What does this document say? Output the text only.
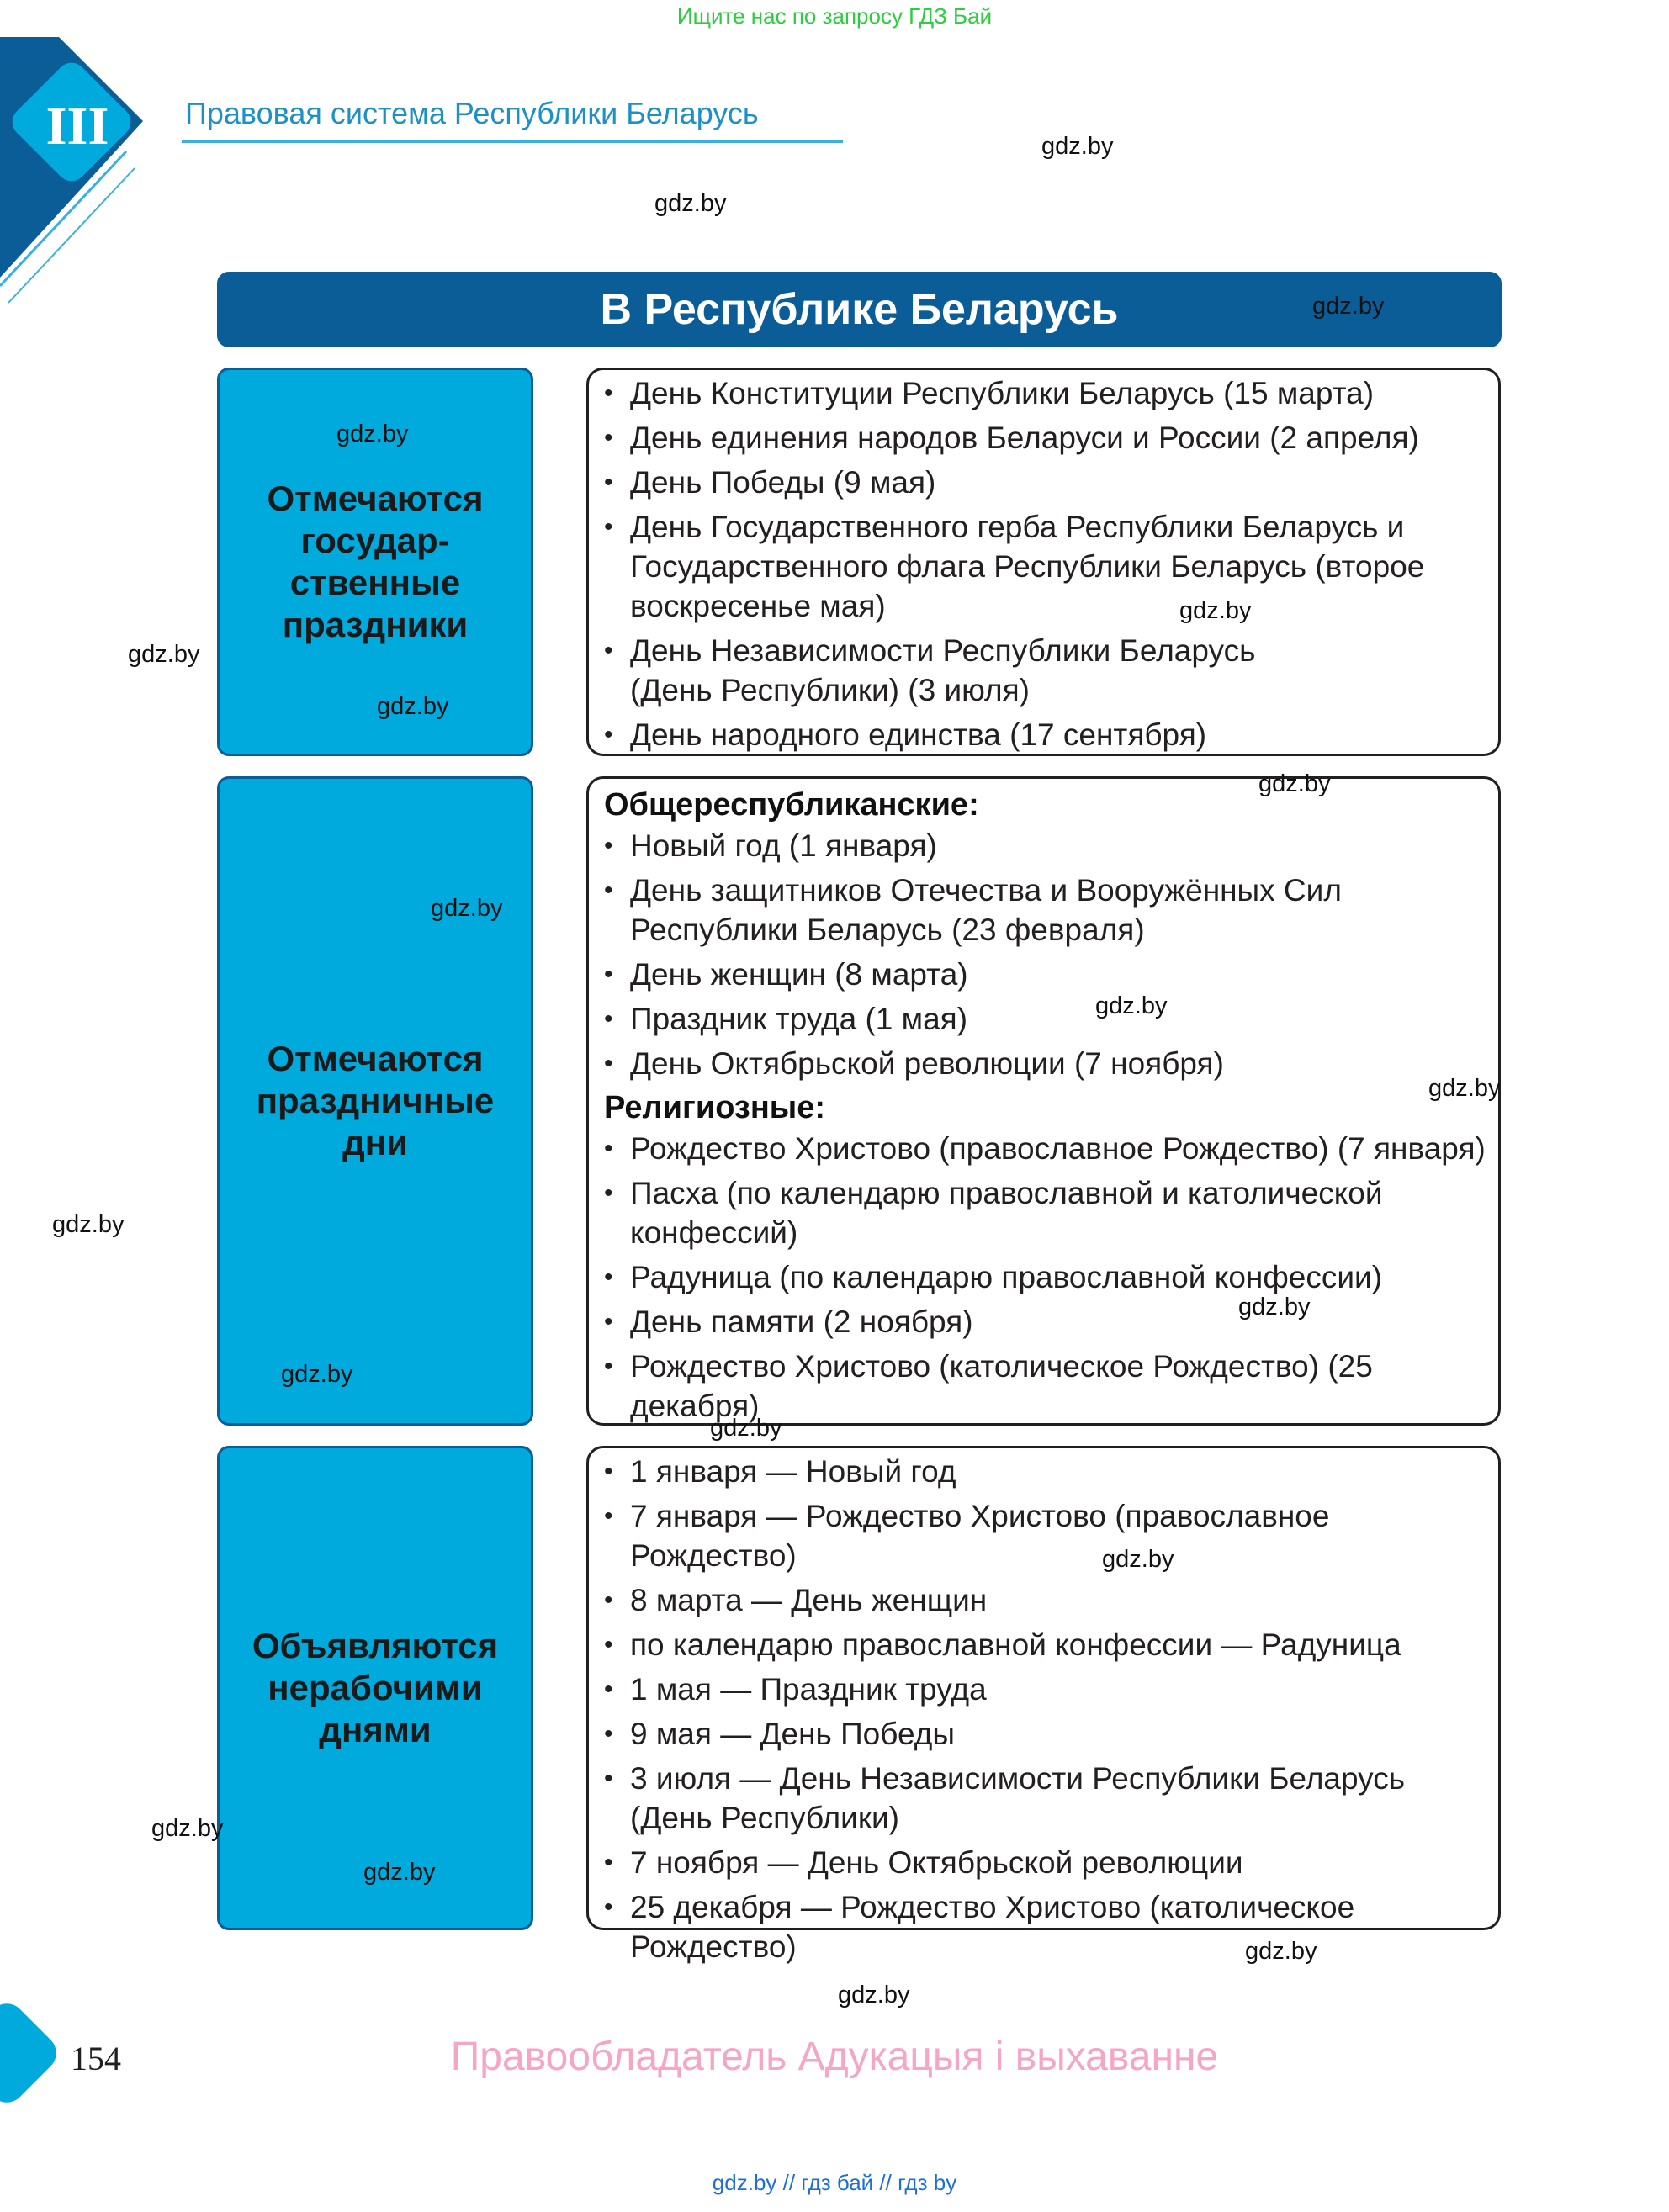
Ищите нас по запросу ГДЗ Бай
III	Правовая система Республики Беларусь
В Республике Беларусь
Отмечаются государ-ственные праздники
• День Конституции Республики Беларусь (15 марта)
• День единения народов Беларуси и России (2 апреля)
• День Победы (9 мая)
• День Государственного герба Республики Беларусь и Государственного флага Республики Беларусь (второе воскресенье мая)
• День Независимости Республики Беларусь (День Республики) (3 июля)
• День народного единства (17 сентября)
Отмечаются праздничные дни
Общереспубликанские:
• Новый год (1 января)
• День защитников Отечества и Вооружённых Сил Республики Беларусь (23 февраля)
• День женщин (8 марта)
• Праздник труда (1 мая)
• День Октябрьской революции (7 ноября)
Религиозные:
• Рождество Христово (православное Рождество) (7 января)
• Пасха (по календарю православной и католической конфессий)
• Радуница (по календарю православной конфессии)
• День памяти (2 ноября)
• Рождество Христово (католическое Рождество) (25 декабря)
Объявляются нерабочими днями
• 1 января — Новый год
• 7 января — Рождество Христово (православное Рождество)
• 8 марта — День женщин
• по календарю православной конфессии — Радуница
• 1 мая — Праздник труда
• 9 мая — День Победы
• 3 июля — День Независимости Республики Беларусь (День Республики)
• 7 ноября — День Октябрьской революции
• 25 декабря — Рождество Христово (католическое Рождество)
gdz.by
gdz.by
gdz.by
gdz.by
gdz.by
gdz.by
gdz.by
gdz.by
gdz.by
gdz.by
gdz.by
gdz.by
gdz.by
gdz.by
gdz.by
gdz.by
gdz.by
gdz.by
gdz.by
gdz.by
154	Правообладатель Адукацыя і выхаванне
gdz.by // гдз бай // гдз by
